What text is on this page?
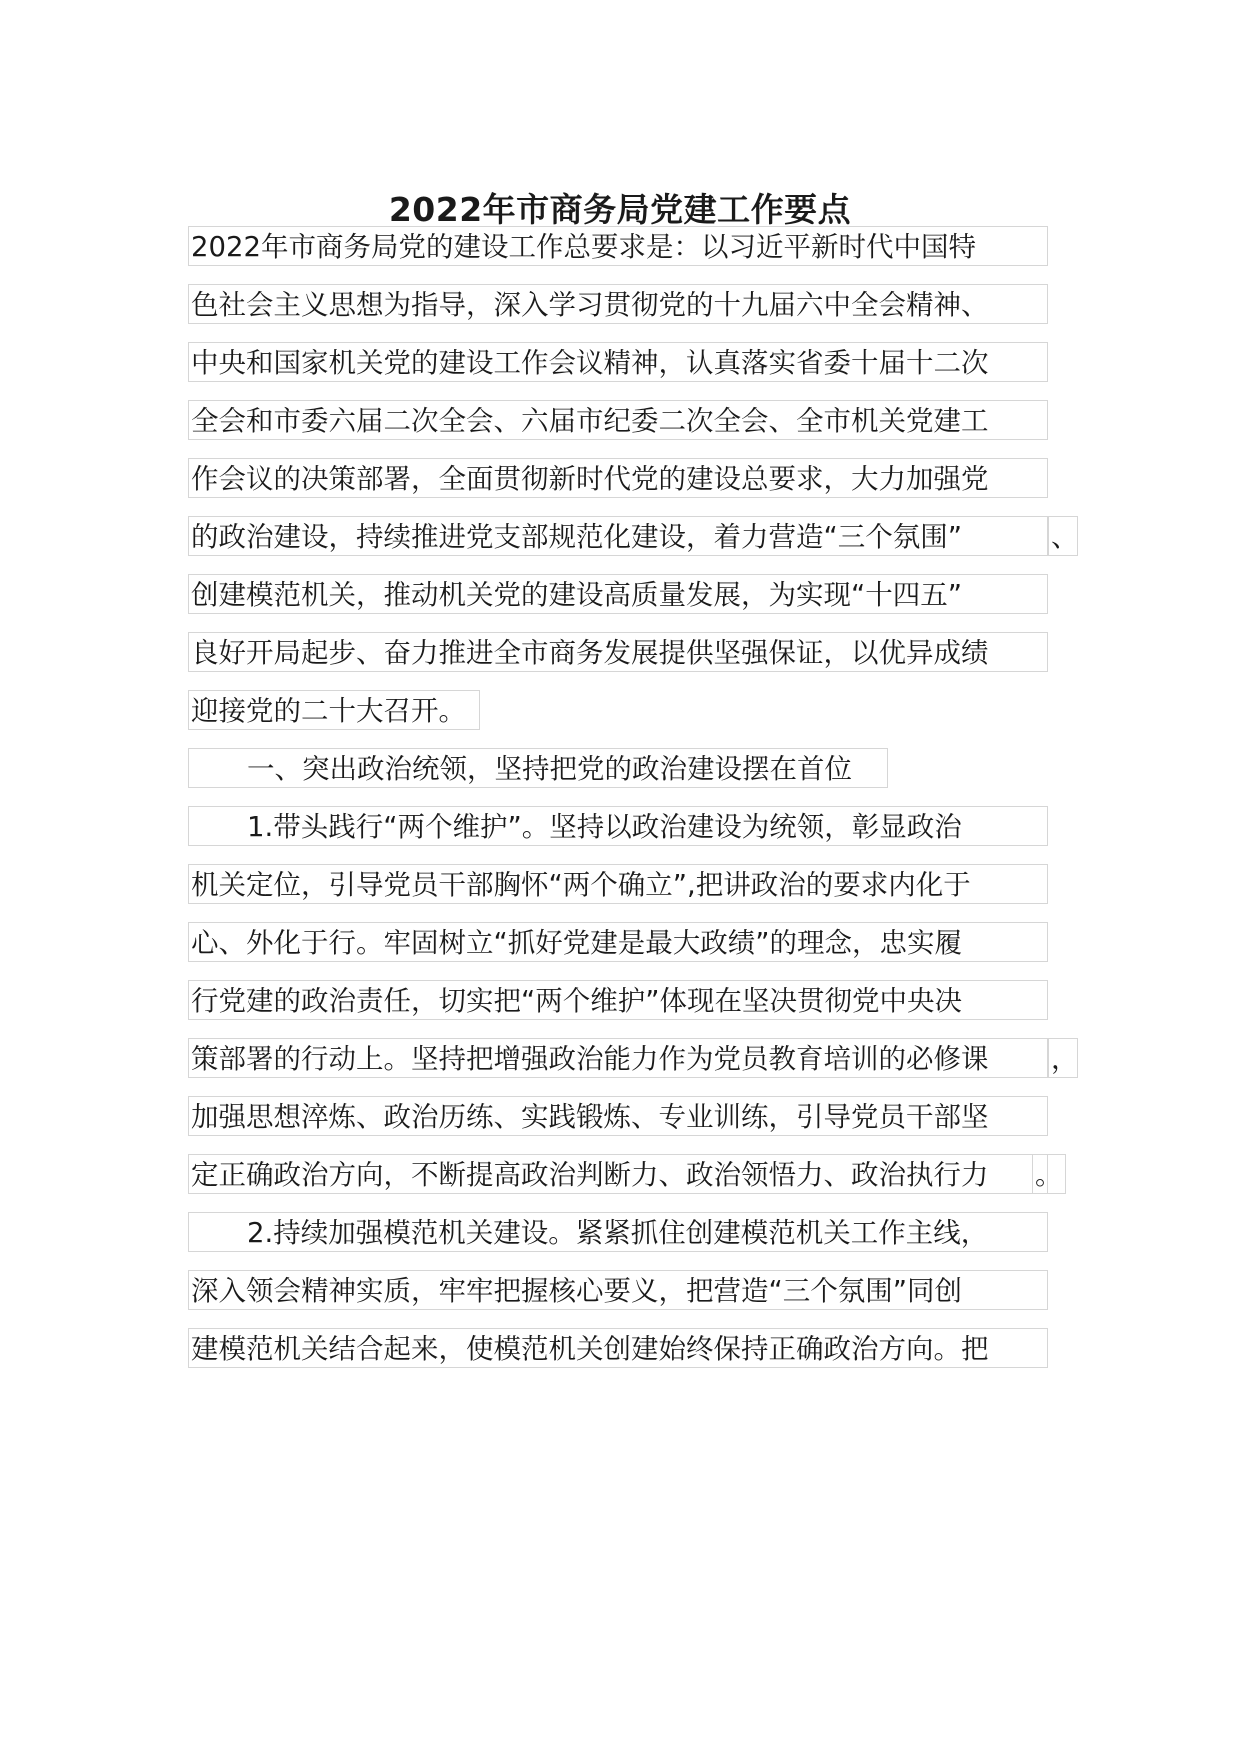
2022年市商务局党建工作要点
2022年市商务局党的建设工作总要求是：以习近平新时代中国特
色社会主义思想为指导，深入学习贯彻党的十九届六中全会精神、
中央和国家机关党的建设工作会议精神，认真落实省委十届十二次
全会和市委六届二次全会、六届市纪委二次全会、全市机关党建工
作会议的决策部署，全面贯彻新时代党的建设总要求，大力加强党
的政治建设，持续推进党支部规范化建设，着力营造“三个氛围”	、
创建模范机关，推动机关党的建设高质量发展，为实现“十四五”
良好开局起步、奋力推进全市商务发展提供坚强保证，以优异成绩
迎接党的二十大召开。
一、突出政治统领，坚持把党的政治建设摆在首位
1.带头践行“两个维护”。坚持以政治建设为统领，彰显政治
机关定位，引导党员干部胸怀“两个确立”,把讲政治的要求内化于
心、外化于行。牢固树立“抓好党建是最大政绩”的理念，忠实履
行党建的政治责任，切实把“两个维护”体现在坚决贯彻党中央决
策部署的行动上。坚持把增强政治能力作为党员教育培训的必修课	，
加强思想淬炼、政治历练、实践锻炼、专业训练，引导党员干部坚
定正确政治方向，不断提高政治判断力、政治领悟力、政治执行力	。
2.持续加强模范机关建设。紧紧抓住创建模范机关工作主线，
深入领会精神实质，牢牢把握核心要义，把营造“三个氛围”同创
建模范机关结合起来，使模范机关创建始终保持正确政治方向。把
